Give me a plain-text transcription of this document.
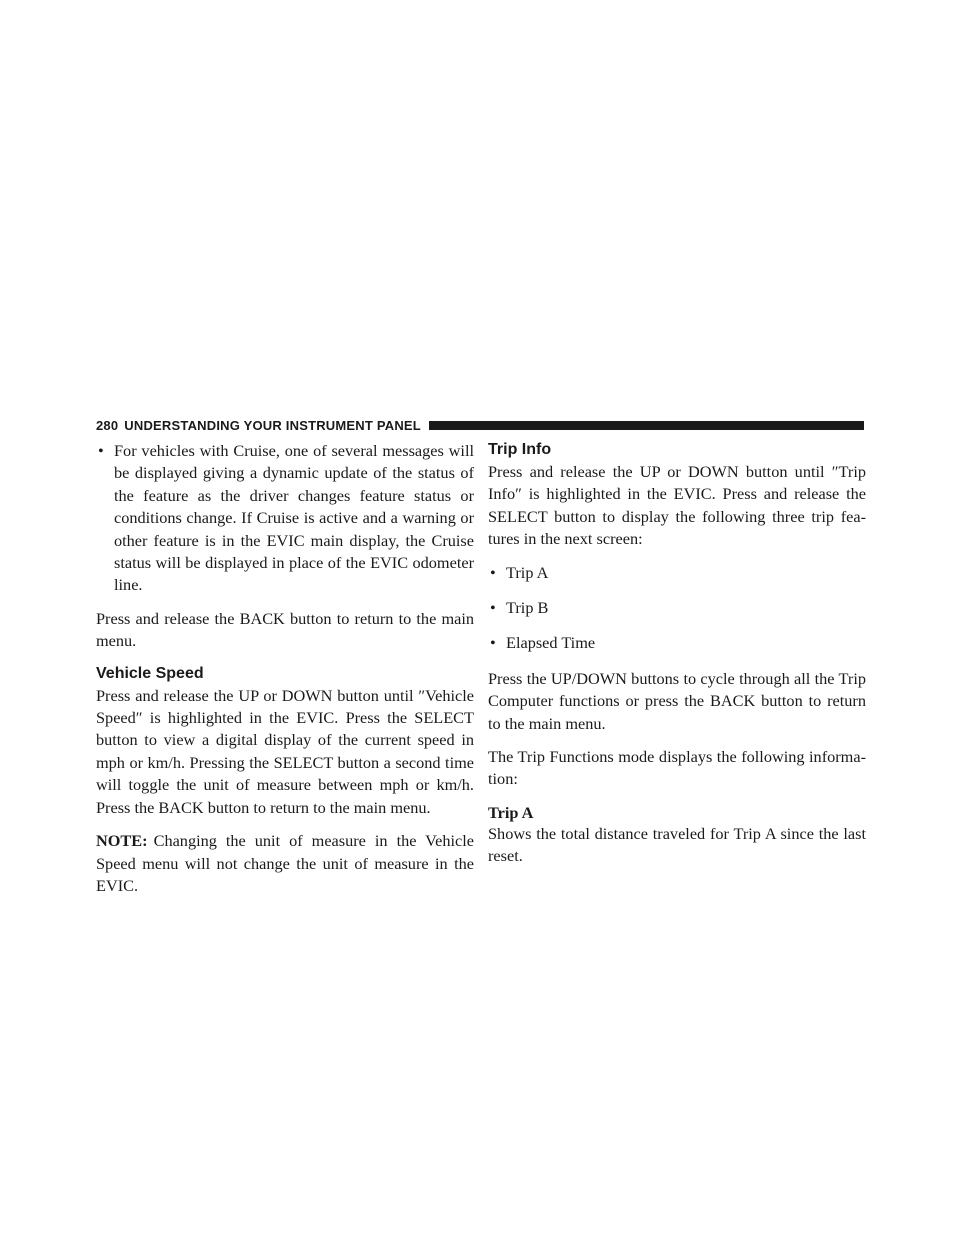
280 UNDERSTANDING YOUR INSTRUMENT PANEL
• For vehicles with Cruise, one of several messages will be displayed giving a dynamic update of the status of the feature as the driver changes feature status or conditions change. If Cruise is active and a warning or other feature is in the EVIC main display, the Cruise status will be displayed in place of the EVIC odometer line.

Press and release the BACK button to return to the main menu.

Vehicle Speed

Press and release the UP or DOWN button until ″Vehicle Speed″ is highlighted in the EVIC. Press the SELECT button to view a digital display of the current speed in mph or km/h. Pressing the SELECT button a second time will toggle the unit of measure between mph or km/h. Press the BACK button to return to the main menu.

NOTE: Changing the unit of measure in the Vehicle Speed menu will not change the unit of measure in the EVIC.

Trip Info

Press and release the UP or DOWN button until ″Trip Info″ is highlighted in the EVIC. Press and release the SELECT button to display the following three trip fea-tures in the next screen:

• Trip A
• Trip B
• Elapsed Time

Press the UP/DOWN buttons to cycle through all the Trip Computer functions or press the BACK button to return to the main menu.

The Trip Functions mode displays the following informa-tion:

Trip A

Shows the total distance traveled for Trip A since the last reset.
